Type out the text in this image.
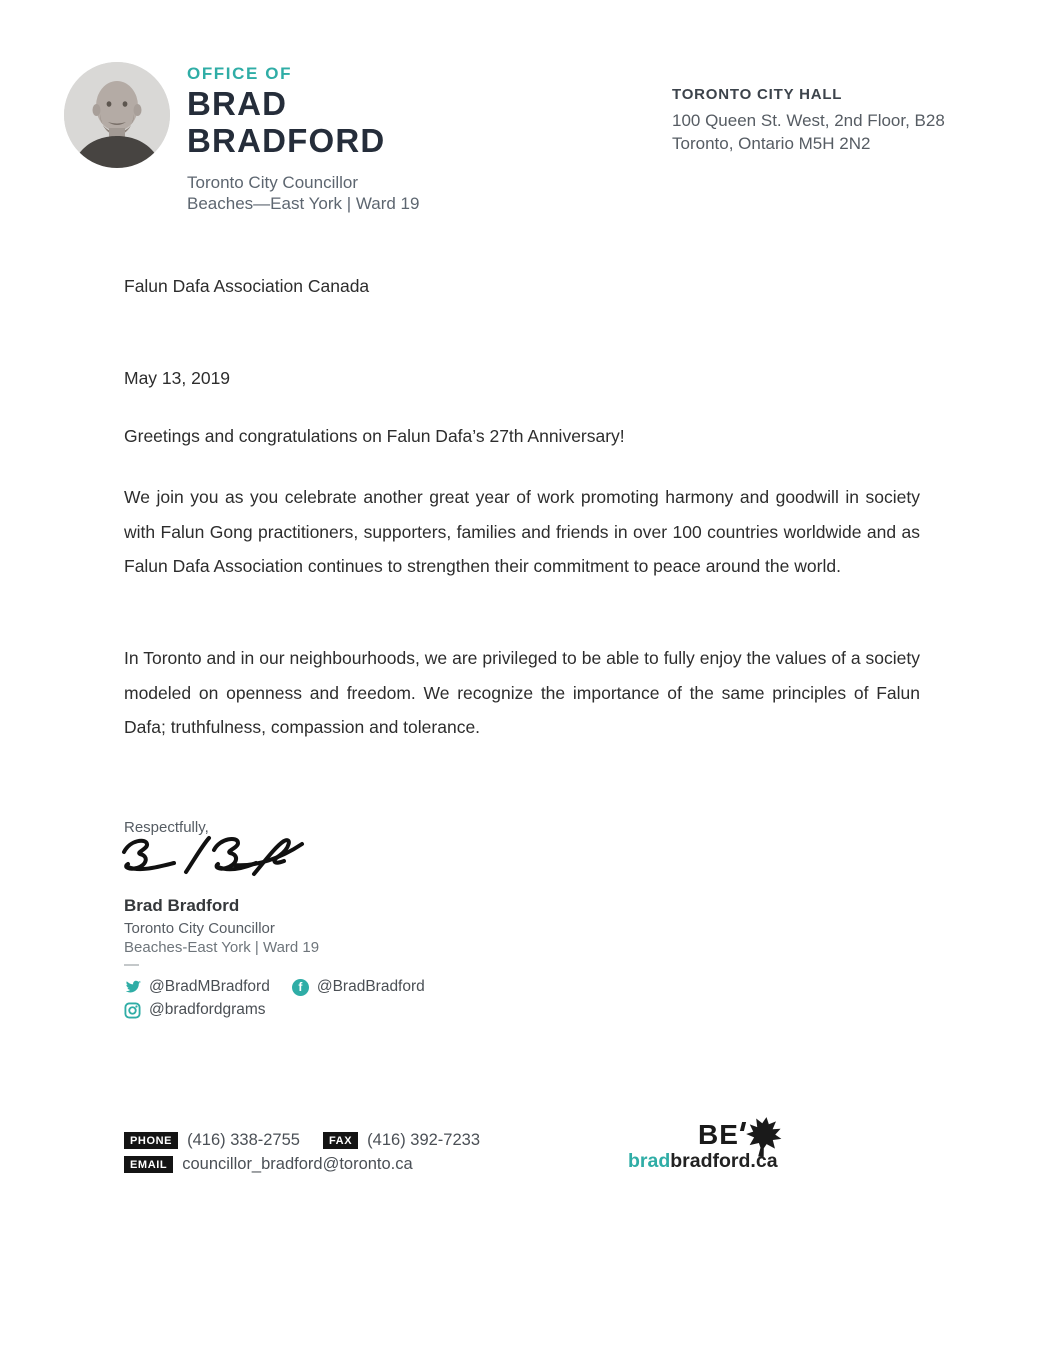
OFFICE OF
BRAD
BRADFORD
Toronto City Councillor
Beaches—East York | Ward 19
TORONTO CITY HALL
100 Queen St. West, 2nd Floor, B28
Toronto, Ontario M5H 2N2
Falun Dafa Association Canada
May 13, 2019
Greetings and congratulations on Falun Dafa’s 27th Anniversary!
We join you as you celebrate another great year of work promoting harmony and goodwill in society with Falun Gong practitioners, supporters, families and friends in over 100 countries worldwide and as Falun Dafa Association continues to strengthen their commitment to peace around the world.
In Toronto and in our neighbourhoods, we are privileged to be able to fully enjoy the values of a society modeled on openness and freedom. We recognize the importance of the same principles of Falun Dafa; truthfulness, compassion and tolerance.
Respectfully,
Brad Bradford
Toronto City Councillor
Beaches-East York | Ward 19
—
@BradMBradford	f @BradBradford
@bradfordgrams
PHONE (416) 338-2755	FAX (416) 392-7233
EMAIL councillor_bradford@toronto.ca
BE
bradbradford.ca
